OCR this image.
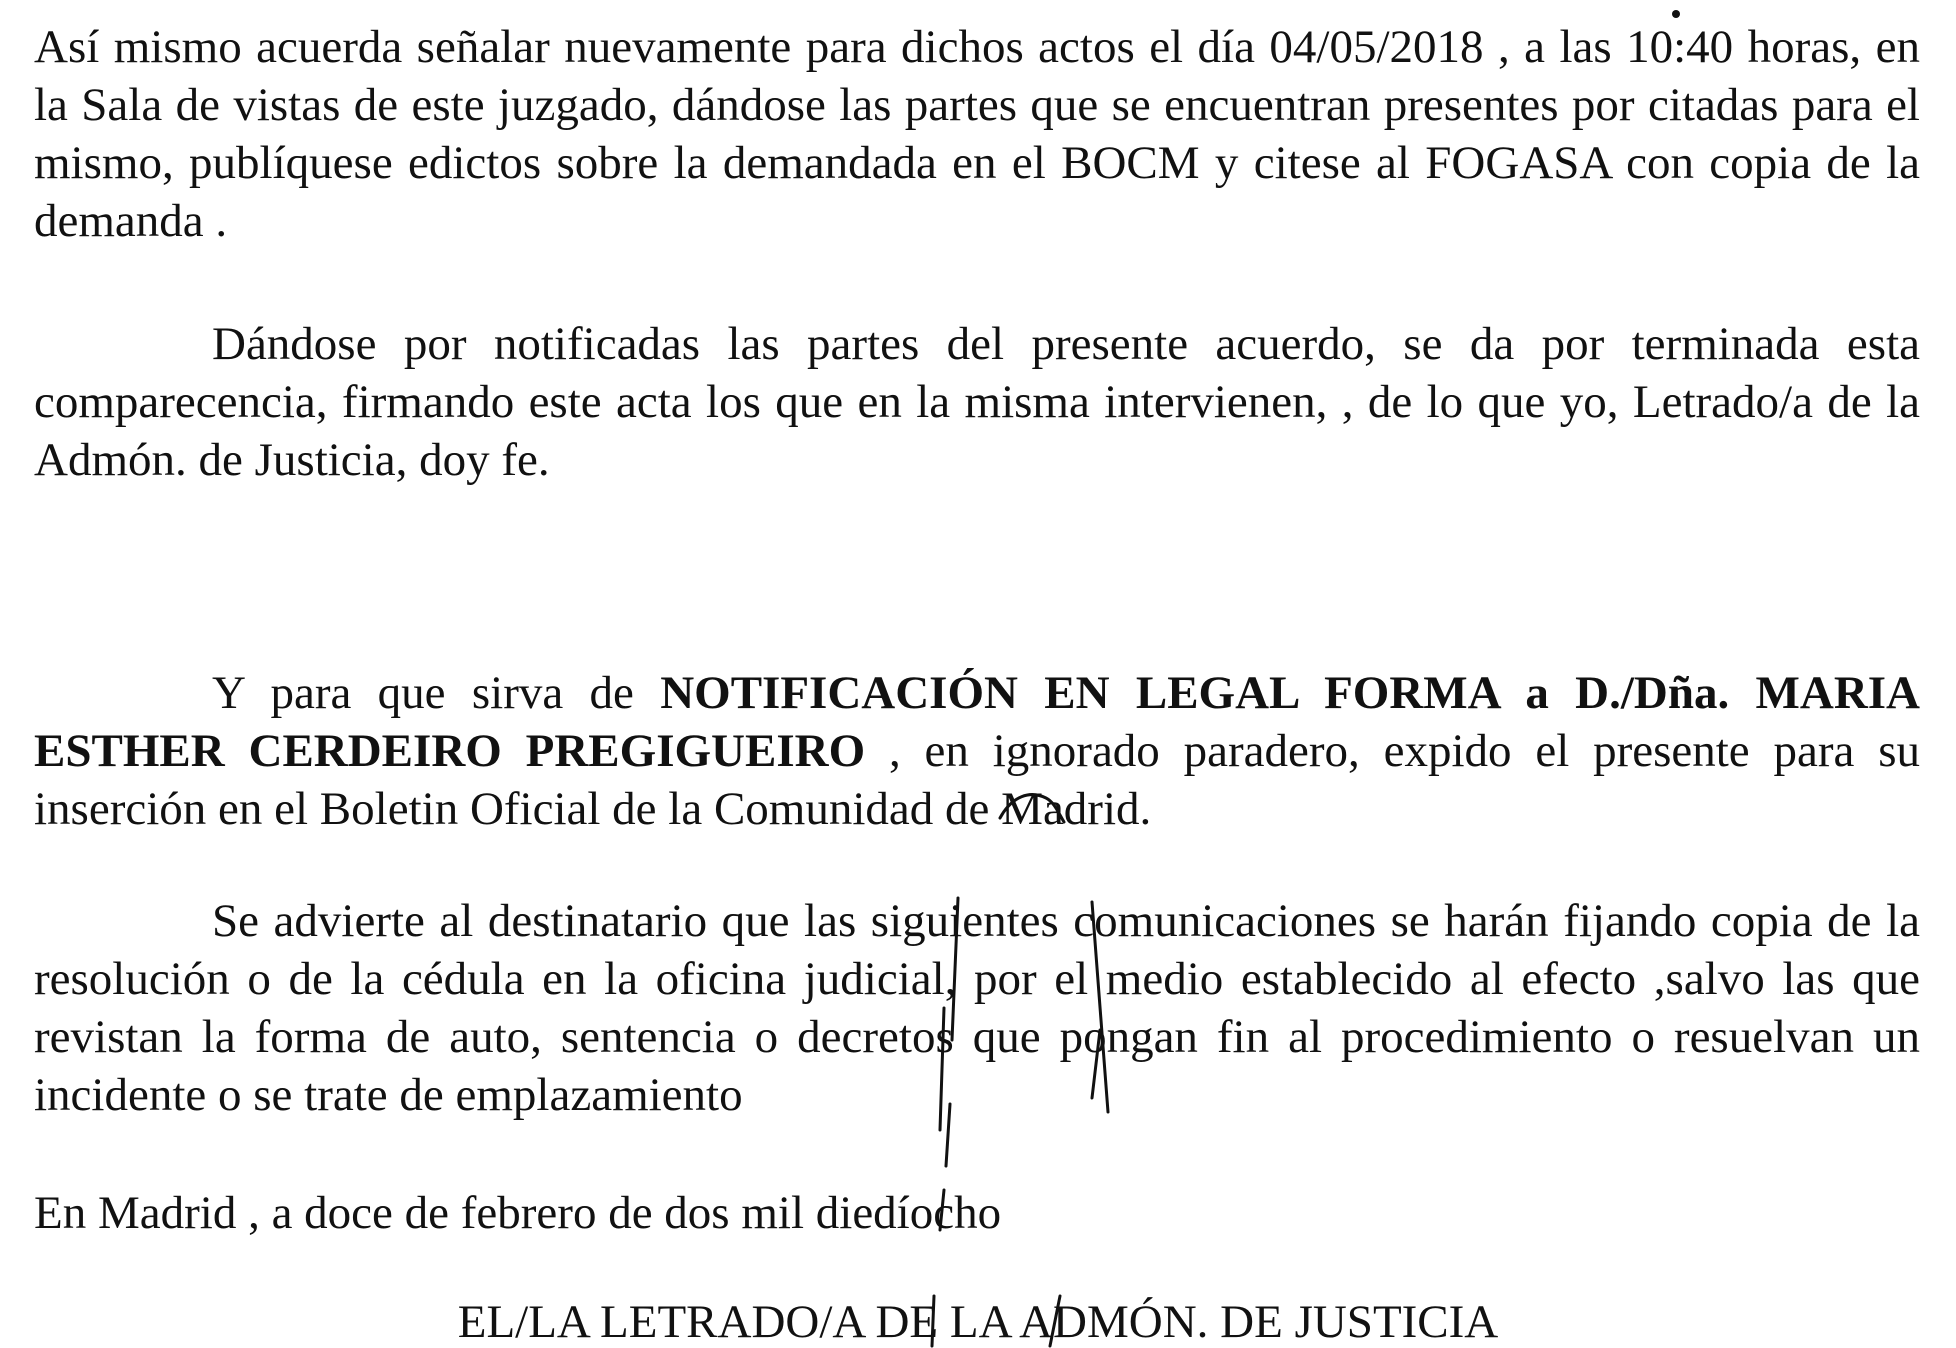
Así mismo acuerda señalar nuevamente para dichos actos el día 04/05/2018 , a las 10:40 horas, en la Sala de vistas de este juzgado, dándose las partes que se encuentran presentes por citadas para el mismo, publíquese edictos sobre la demandada en el BOCM y citese al FOGASA con copia de la demanda .

Dándose por notificadas las partes del presente acuerdo, se da por terminada esta comparecencia, firmando este acta los que en la misma intervienen, , de lo que yo, Letrado/a de la Admón. de Justicia, doy fe.

Y para que sirva de NOTIFICACIÓN EN LEGAL FORMA a D./Dña. MARIA ESTHER CERDEIRO PREGIGUEIRO , en ignorado paradero, expido el presente para su inserción en el Boletin Oficial de la Comunidad de Madrid.

Se advierte al destinatario que las siguientes comunicaciones se harán fijando copia de la resolución o de la cédula en la oficina judicial, por el medio establecido al efecto ,salvo las que revistan la forma de auto, sentencia o decretos que pongan fin al procedimiento o resuelvan un incidente o se trate de emplazamiento

En Madrid , a doce de febrero de dos mil diedíocho

EL/LA LETRADO/A DE LA ADMÓN. DE JUSTICIA
